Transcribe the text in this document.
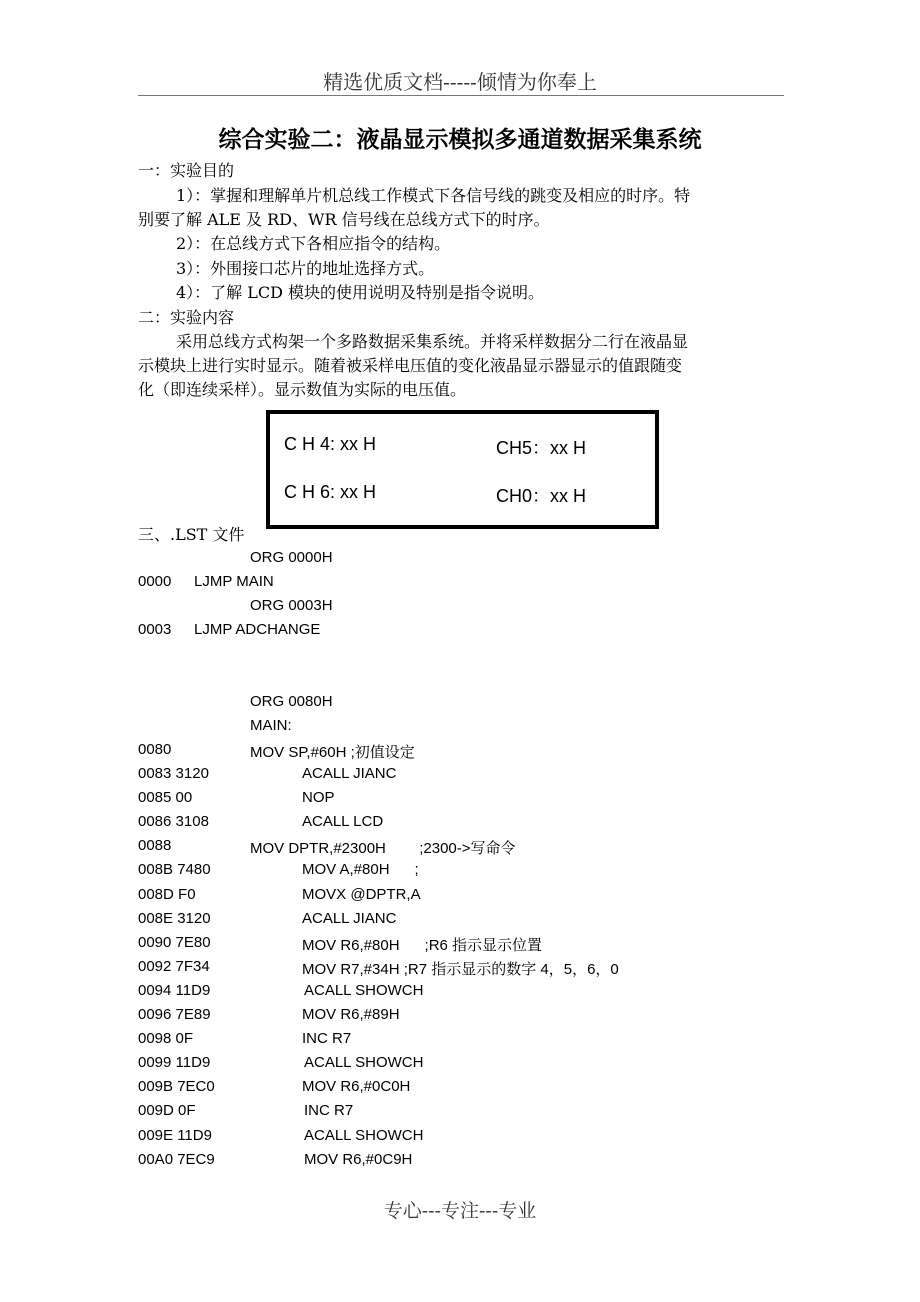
精选优质文档-----倾情为你奉上
综合实验二：液晶显示模拟多通道数据采集系统
一：实验目的
1）：掌握和理解单片机总线工作模式下各信号线的跳变及相应的时序。特
别要了解 ALE 及 RD、WR 信号线在总线方式下的时序。
2）：在总线方式下各相应指令的结构。
3）：外围接口芯片的地址选择方式。
4）：了解 LCD 模块的使用说明及特别是指令说明。
二：实验内容
采用总线方式构架一个多路数据采集系统。并将采样数据分二行在液晶显
示模块上进行实时显示。随着被采样电压值的变化液晶显示器显示的值跟随变
化（即连续采样）。显示数值为实际的电压值。
C H 4: xx H	CH5：xx H
C H 6: xx H	CH0：xx H
三、.LST 文件
ORG 0000H
0000 LJMP MAIN
ORG 0003H
0003 LJMP ADCHANGE
ORG 0080H
MAIN:
0080	MOV SP,#60H ;初值设定
0083 3120	ACALL JIANC
0085 00	NOP
0086 3108	ACALL LCD
0088	MOV DPTR,#2300H        ;2300->写命令
008B 7480	MOV A,#80H      ;
008D F0	MOVX @DPTR,A
008E 3120	ACALL JIANC
0090 7E80	MOV R6,#80H      ;R6 指示显示位置
0092 7F34	MOV R7,#34H ;R7 指示显示的数字 4，5，6，0
0094 11D9	ACALL SHOWCH
0096 7E89	MOV R6,#89H
0098 0F	INC R7
0099 11D9	ACALL SHOWCH
009B 7EC0	MOV R6,#0C0H
009D 0F	INC R7
009E 11D9	ACALL SHOWCH
00A0 7EC9	MOV R6,#0C9H
专心---专注---专业
